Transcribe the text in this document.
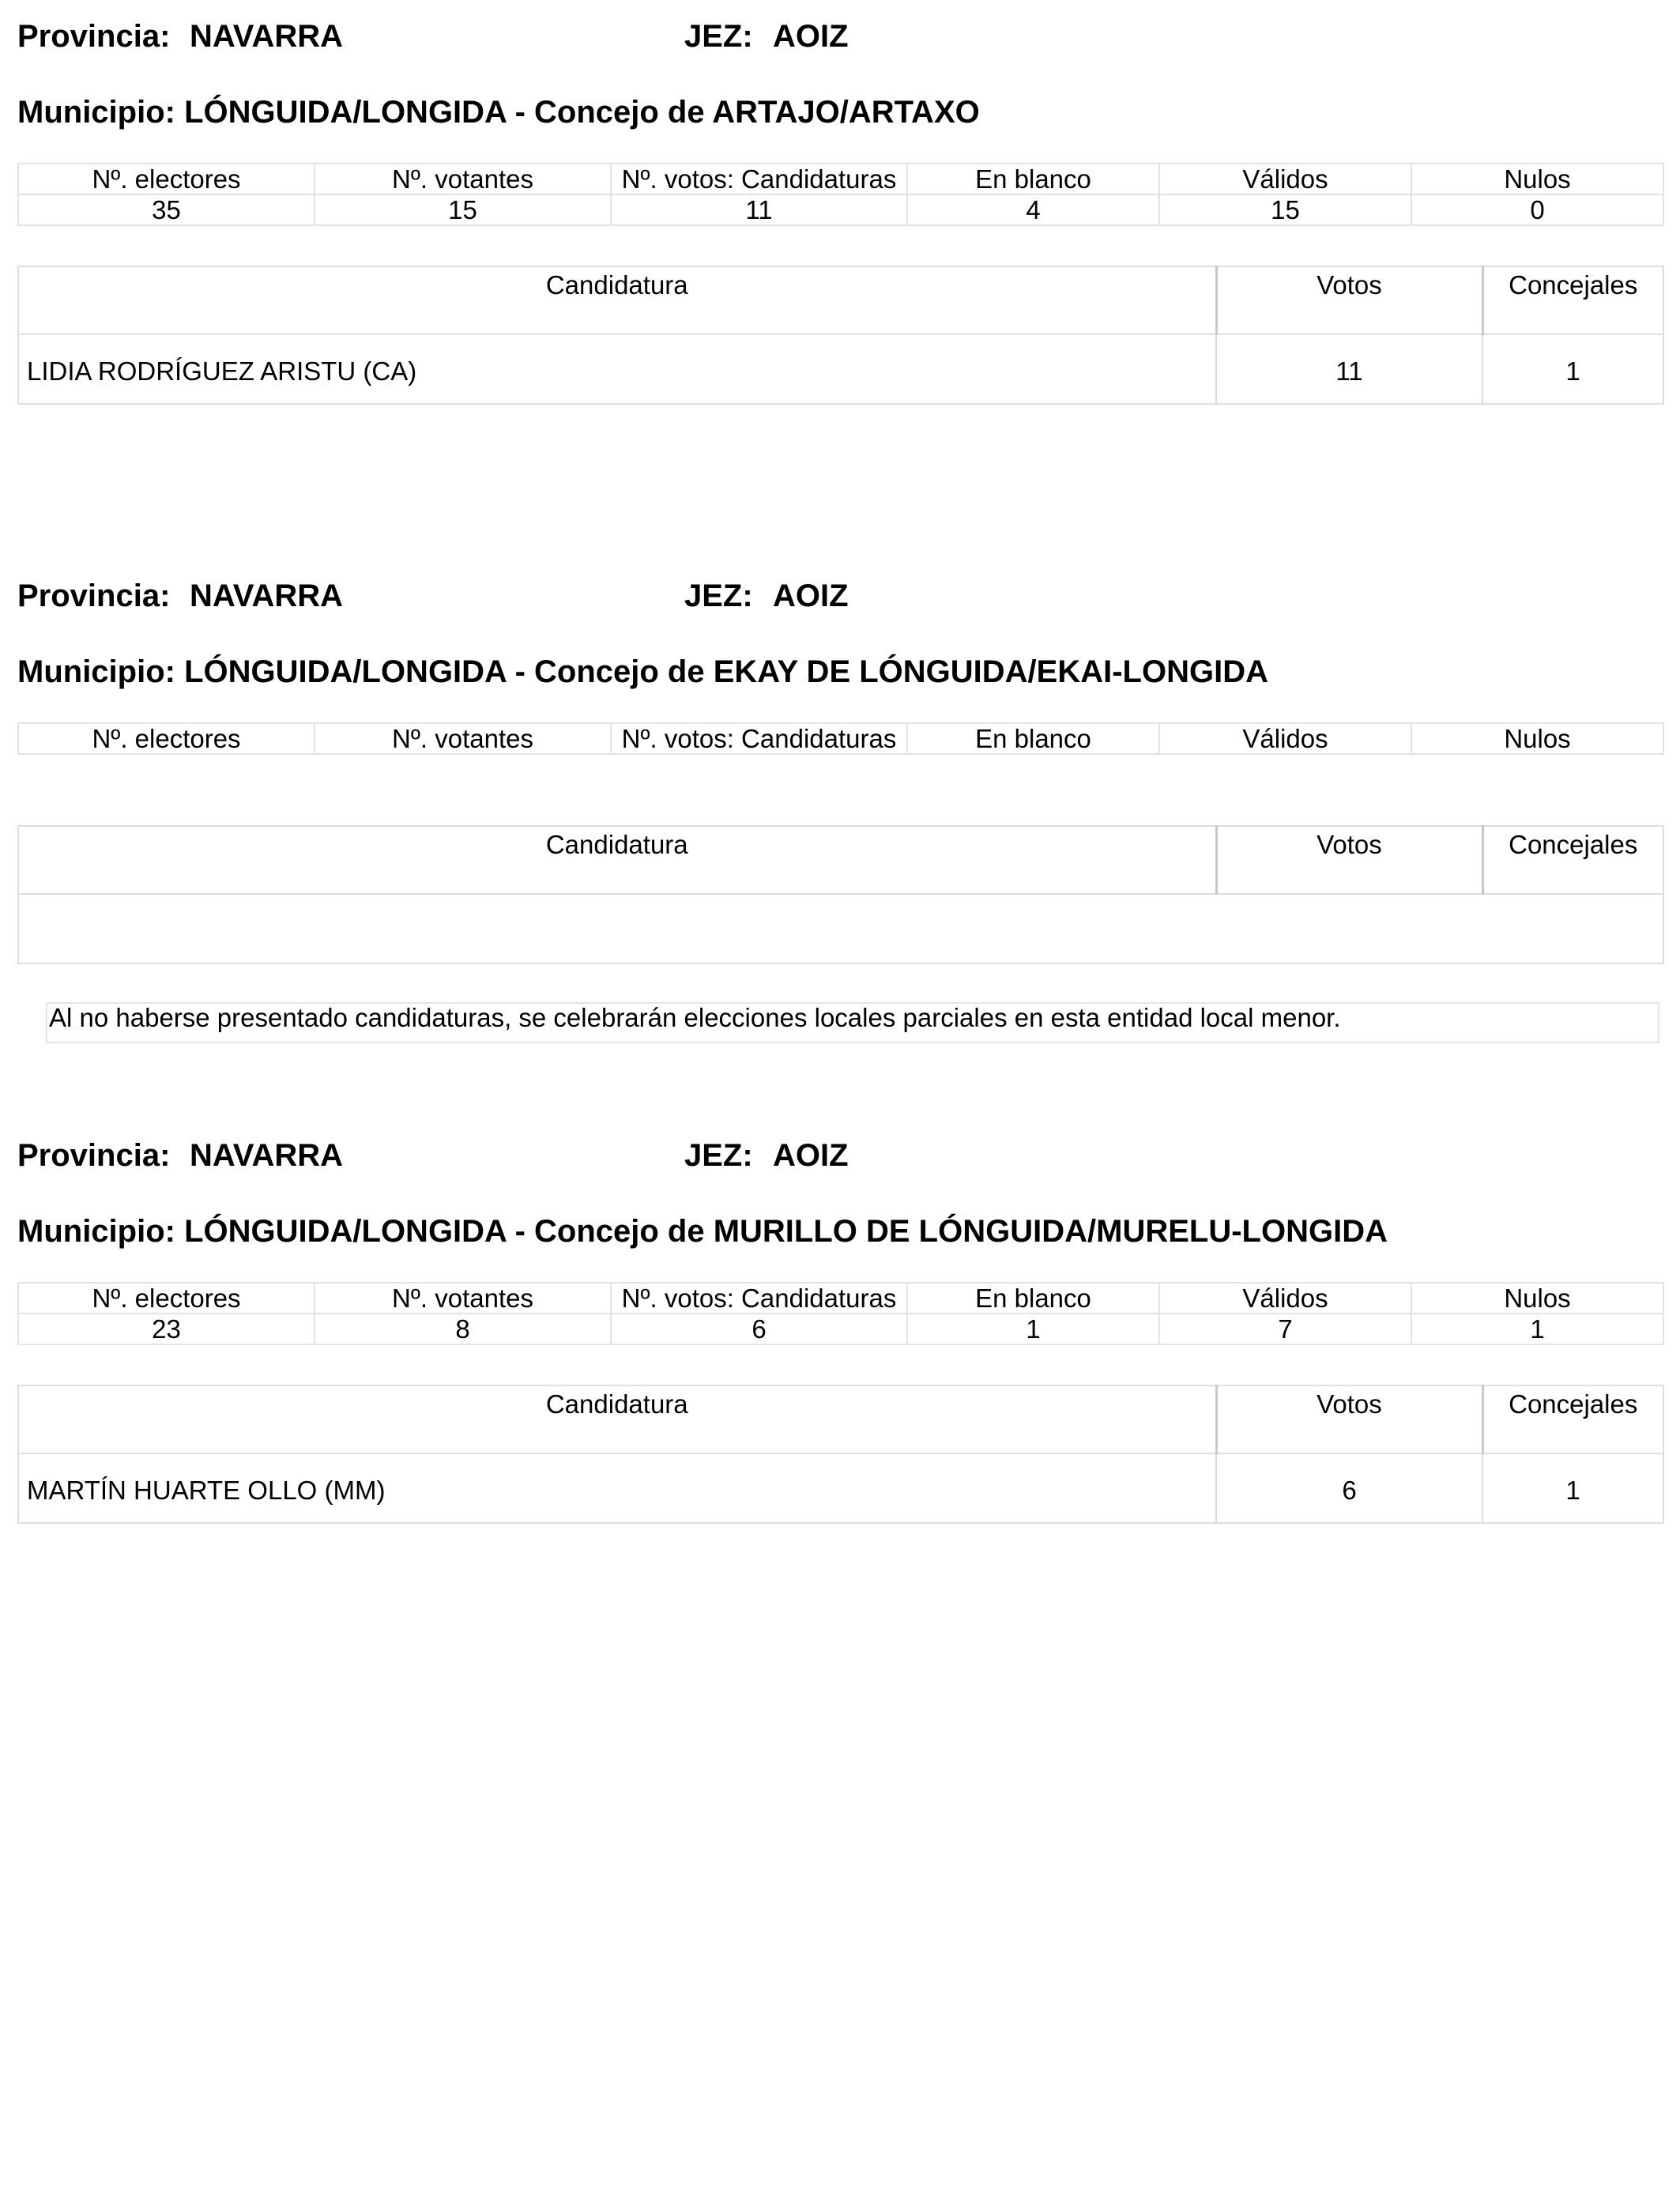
Provincia: NAVARRA	JEZ: AOIZ
Municipio: LÓNGUIDA/LONGIDA - Concejo de ARTAJO/ARTAXO
Nº. electores	Nº. votantes	Nº. votos: Candidaturas	En blanco	Válidos	Nulos
35	15	11	4	15	0
Candidatura	Votos	Concejales
LIDIA RODRÍGUEZ ARISTU (CA)	11	1
Provincia: NAVARRA	JEZ: AOIZ
Municipio: LÓNGUIDA/LONGIDA - Concejo de EKAY DE LÓNGUIDA/EKAI-LONGIDA
Nº. electores	Nº. votantes	Nº. votos: Candidaturas	En blanco	Válidos	Nulos
Candidatura	Votos	Concejales

Al no haberse presentado candidaturas, se celebrarán elecciones locales parciales en esta entidad local menor.
Provincia: NAVARRA	JEZ: AOIZ
Municipio: LÓNGUIDA/LONGIDA - Concejo de MURILLO DE LÓNGUIDA/MURELU-LONGIDA
Nº. electores	Nº. votantes	Nº. votos: Candidaturas	En blanco	Válidos	Nulos
23	8	6	1	7	1
Candidatura	Votos	Concejales
MARTÍN HUARTE OLLO (MM)	6	1
